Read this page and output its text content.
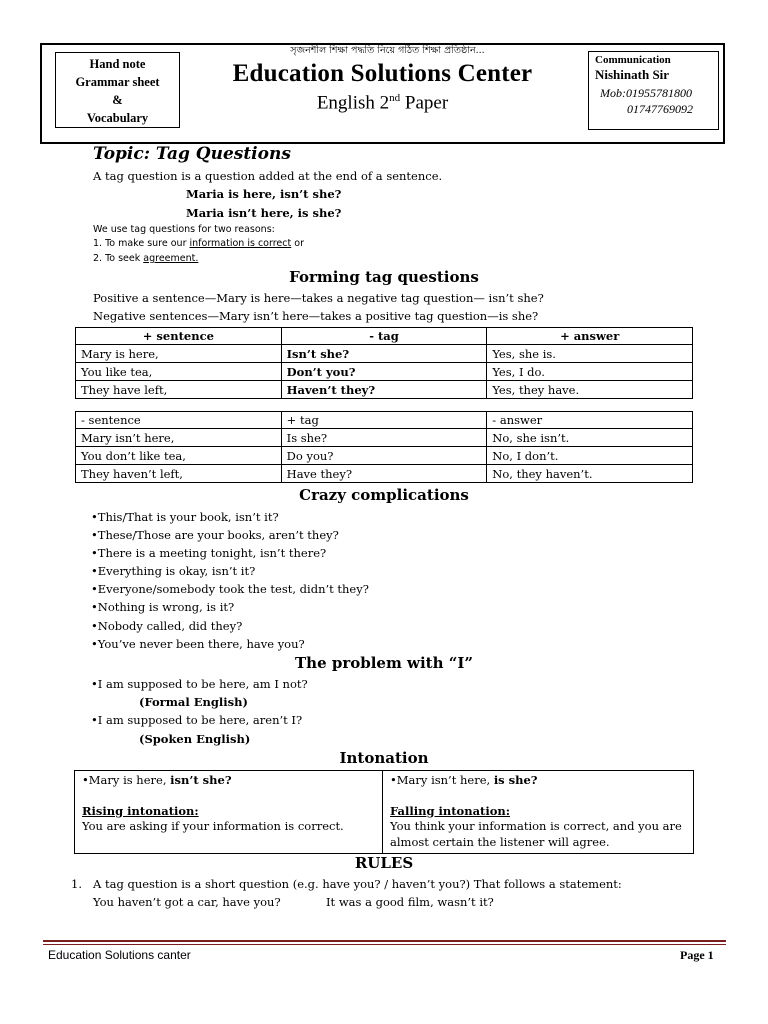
Hand note
Grammar sheet
&
Vocabulary
সৃজনশীল শিক্ষা পদ্ধতি নিয়ে গঠিত শিক্ষা প্রতিষ্ঠান...
Education Solutions Center
English 2nd Paper
Communication
Nishinath Sir
Mob:01955781800
01747769092
Topic: Tag Questions
A tag question is a question added at the end of a sentence.
Maria is here, isn’t she?
Maria isn’t here, is she?
We use tag questions for two reasons:
1. To make sure our information is correct or
2. To seek agreement.
Forming tag questions
Positive a sentence—Mary is here—takes a negative tag question— isn’t she?
Negative sentences—Mary isn’t here—takes a positive tag question—is she?
+ sentence	- tag	+ answer
Mary is here,	Isn’t she?	Yes, she is.
You like tea,	Don’t you?	Yes, I do.
They have left,	Haven’t they?	Yes, they have.
- sentence	+ tag	- answer
Mary isn’t here,	Is she?	No, she isn’t.
You don’t like tea,	Do you?	No, I don’t.
They haven’t left,	Have they?	No, they haven’t.
Crazy complications
•This/That is your book, isn’t it?
•These/Those are your books, aren’t they?
•There is a meeting tonight, isn’t there?
•Everything is okay, isn’t it?
•Everyone/somebody took the test, didn’t they?
•Nothing is wrong, is it?
•Nobody called, did they?
•You’ve never been there, have you?
The problem with “I”
•I am supposed to be here, am I not?
(Formal English)
•I am supposed to be here, aren’t I?
(Spoken English)
Intonation
•Mary is here, isn’t she?
Rising intonation:
You are asking if your information is correct.
•Mary isn’t here, is she?
Falling intonation:
You think your information is correct, and you are almost certain the listener will agree.
RULES
1. A tag question is a short question (e.g. have you? / haven’t you?) That follows a statement:
You haven’t got a car, have you?	It was a good film, wasn’t it?
Education Solutions canter	Page 1
